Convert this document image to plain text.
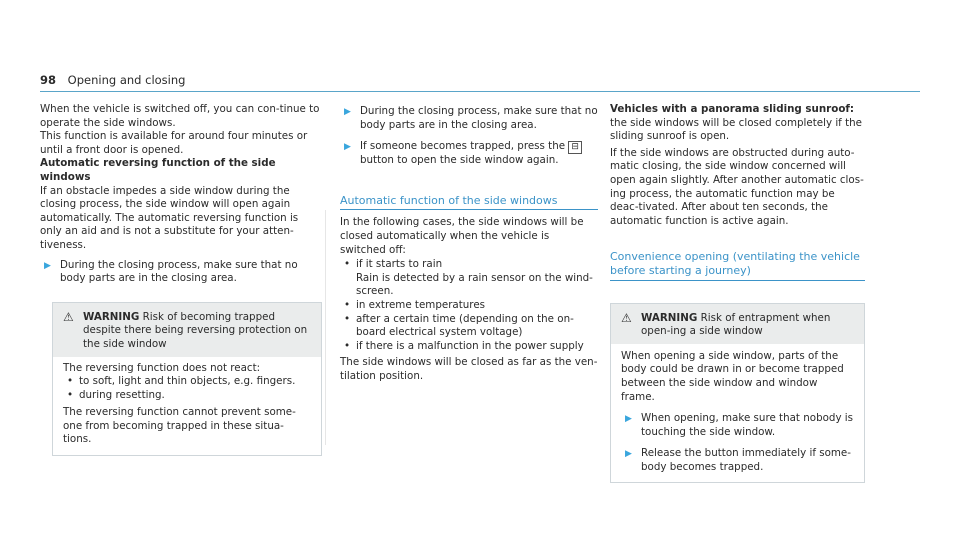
98 Opening and closing

When the vehicle is switched off, you can con-tinue to operate the side windows.

This function is available for around four minutes or until a front door is opened.

Automatic reversing function of the side windows

If an obstacle impedes a side window during the closing process, the side window will open again automatically. The automatic reversing function is only an aid and is not a substitute for your atten-tiveness.

▶ During the closing process, make sure that no body parts are in the closing area.
⚠ WARNING Risk of becoming trapped despite there being reversing protection on the side window

The reversing function does not react:

• to soft, light and thin objects, e.g. fingers.
• during resetting.

The reversing function cannot prevent some-one from becoming trapped in these situa-tions.

▶ During the closing process, make sure that no body parts are in the closing area.
▶ If someone becomes trapped, press the ⊟ button to open the side window again.
Automatic function of the side windows

In the following cases, the side windows will be closed automatically when the vehicle is switched off:

• if it starts to rain
Rain is detected by a rain sensor on the wind-screen.
• in extreme temperatures
• after a certain time (depending on the on-board electrical system voltage)
• if there is a malfunction in the power supply

The side windows will be closed as far as the ven-tilation position.

Vehicles with a panorama sliding sunroof: the side windows will be closed completely if the sliding sunroof is open.

If the side windows are obstructed during auto-matic closing, the side window concerned will open again slightly. After another automatic clos-ing process, the automatic function may be deac-tivated. After about ten seconds, the automatic function is active again.

Convenience opening (ventilating the vehicle before starting a journey)
⚠ WARNING Risk of entrapment when open-ing a side window

When opening a side window, parts of the body could be drawn in or become trapped between the side window and window frame.

▶ When opening, make sure that nobody is touching the side window.
▶ Release the button immediately if some-body becomes trapped.
